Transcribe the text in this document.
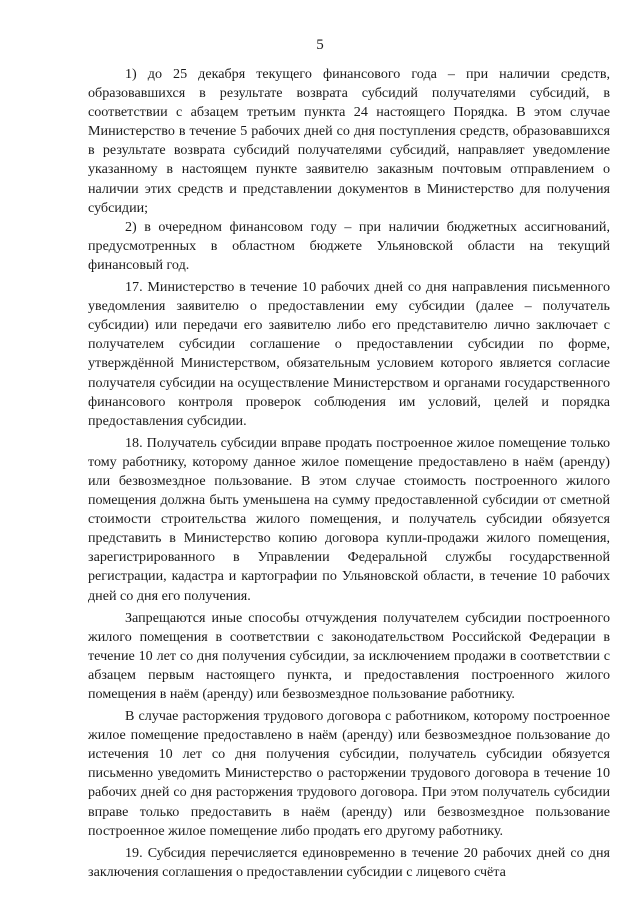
5

1) до 25 декабря текущего финансового года – при наличии средств, образовавшихся в результате возврата субсидий получателями субсидий, в соответствии с абзацем третьим пункта 24 настоящего Порядка. В этом случае Министерство в течение 5 рабочих дней со дня поступления средств, образовавшихся в результате возврата субсидий получателями субсидий, направляет уведомление указанному в настоящем пункте заявителю заказным почтовым отправлением о наличии этих средств и представлении документов в Министерство для получения субсидии;

2) в очередном финансовом году – при наличии бюджетных ассигнований, предусмотренных в областном бюджете Ульяновской области на текущий финансовый год.

17. Министерство в течение 10 рабочих дней со дня направления письменного уведомления заявителю о предоставлении ему субсидии (далее – получатель субсидии) или передачи его заявителю либо его представителю лично заключает с получателем субсидии соглашение о предоставлении субсидии по форме, утверждённой Министерством, обязательным условием которого является согласие получателя субсидии на осуществление Министерством и органами государственного финансового контроля проверок соблюдения им условий, целей и порядка предоставления субсидии.

18. Получатель субсидии вправе продать построенное жилое помещение только тому работнику, которому данное жилое помещение предоставлено в наём (аренду) или безвозмездное пользование. В этом случае стоимость построенного жилого помещения должна быть уменьшена на сумму предоставленной субсидии от сметной стоимости строительства жилого помещения, и получатель субсидии обязуется представить в Министерство копию договора купли-продажи жилого помещения, зарегистрированного в Управлении Федеральной службы государственной регистрации, кадастра и картографии по Ульяновской области, в течение 10 рабочих дней со дня его получения.

Запрещаются иные способы отчуждения получателем субсидии построенного жилого помещения в соответствии с законодательством Российской Федерации в течение 10 лет со дня получения субсидии, за исключением продажи в соответствии с абзацем первым настоящего пункта, и предоставления построенного жилого помещения в наём (аренду) или безвозмездное пользование работнику.

В случае расторжения трудового договора с работником, которому построенное жилое помещение предоставлено в наём (аренду) или безвозмездное пользование до истечения 10 лет со дня получения субсидии, получатель субсидии обязуется письменно уведомить Министерство о расторжении трудового договора в течение 10 рабочих дней со дня расторжения трудового договора. При этом получатель субсидии вправе только предоставить в наём (аренду) или безвозмездное пользование построенное жилое помещение либо продать его другому работнику.

19. Субсидия перечисляется единовременно в течение 20 рабочих дней со дня заключения соглашения о предоставлении субсидии с лицевого счёта
